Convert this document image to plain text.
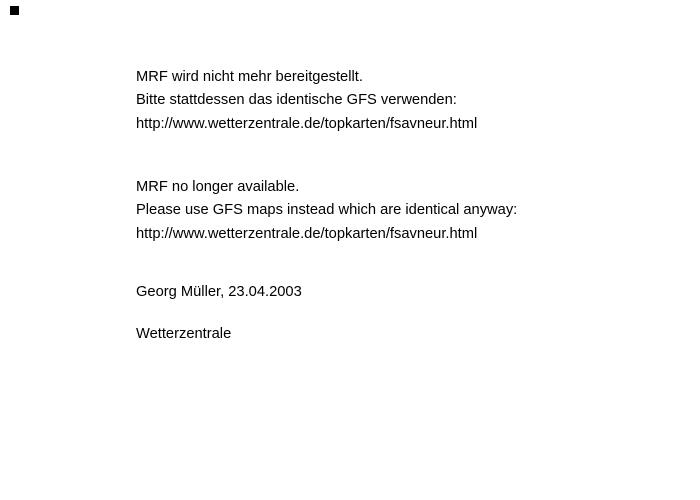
MRF wird nicht mehr bereitgestellt.
Bitte stattdessen das identische GFS verwenden:
http://www.wetterzentrale.de/topkarten/fsavneur.html
MRF no longer available.
Please use GFS maps instead which are identical anyway:
http://www.wetterzentrale.de/topkarten/fsavneur.html
Georg Müller, 23.04.2003
Wetterzentrale
